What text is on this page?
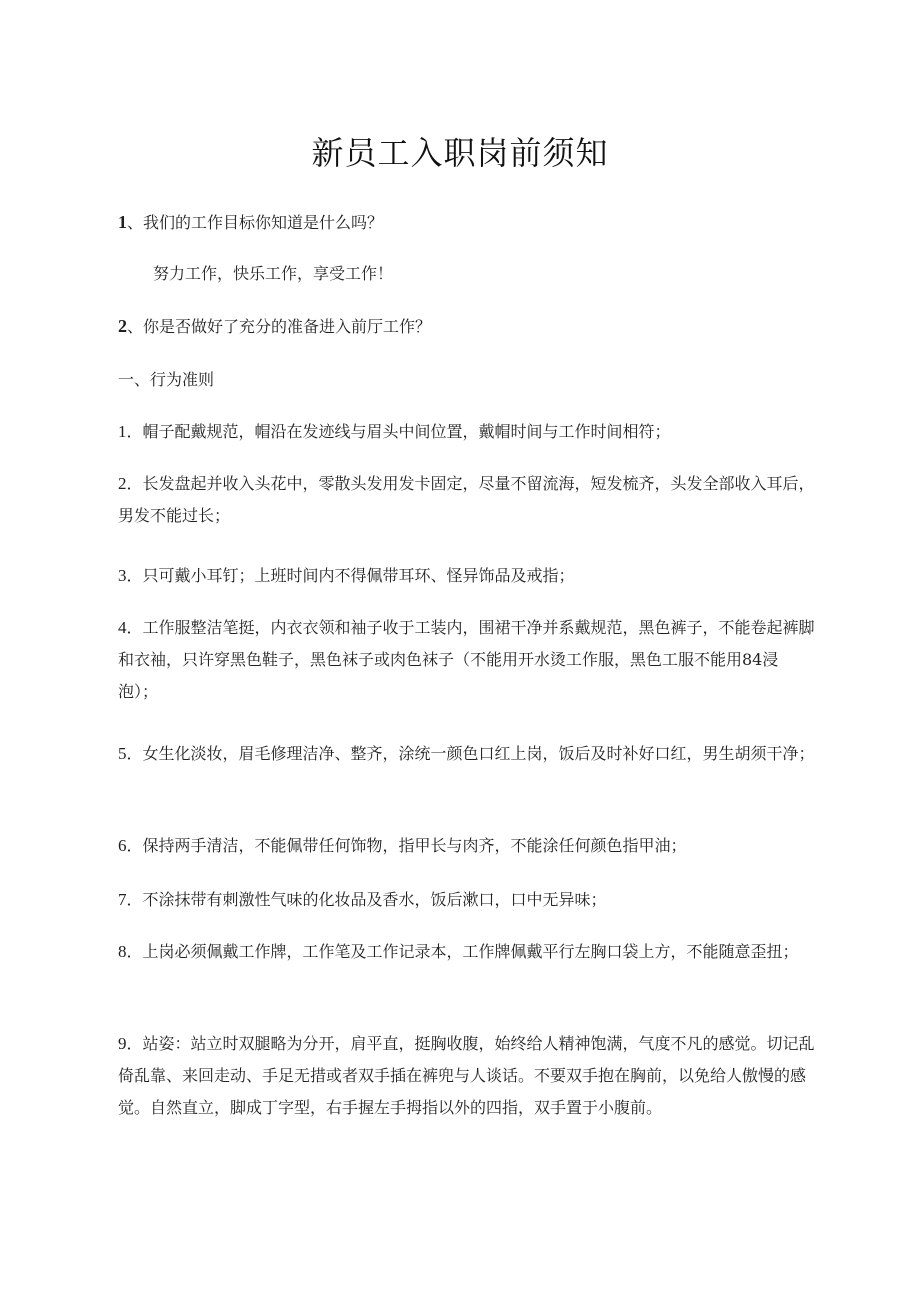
新员工入职岗前须知
1、我们的工作目标你知道是什么吗？
努力工作，快乐工作，享受工作！
2、你是否做好了充分的准备进入前厅工作？
一、行为准则
1．帽子配戴规范，帽沿在发迹线与眉头中间位置，戴帽时间与工作时间相符；
2．长发盘起并收入头花中，零散头发用发卡固定，尽量不留流海，短发梳齐，头发全部收入耳后，男发不能过长；
3．只可戴小耳钉；上班时间内不得佩带耳环、怪异饰品及戒指；
4．工作服整洁笔挺，内衣衣领和袖子收于工装内，围裙干净并系戴规范，黑色裤子，不能卷起裤脚和衣袖，只许穿黑色鞋子，黑色袜子或肉色袜子（不能用开水烫工作服，黑色工服不能用84浸泡）；
5．女生化淡妆，眉毛修理洁净、整齐，涂统一颜色口红上岗，饭后及时补好口红，男生胡须干净；
6．保持两手清洁，不能佩带任何饰物，指甲长与肉齐，不能涂任何颜色指甲油；
7．不涂抹带有刺激性气味的化妆品及香水，饭后漱口，口中无异味；
8．上岗必须佩戴工作牌，工作笔及工作记录本，工作牌佩戴平行左胸口袋上方，不能随意歪扭；
9．站姿：站立时双腿略为分开，肩平直，挺胸收腹，始终给人精神饱满，气度不凡的感觉。切记乱倚乱靠、来回走动、手足无措或者双手插在裤兜与人谈话。不要双手抱在胸前，以免给人傲慢的感觉。自然直立，脚成丁字型，右手握左手拇指以外的四指，双手置于小腹前。
